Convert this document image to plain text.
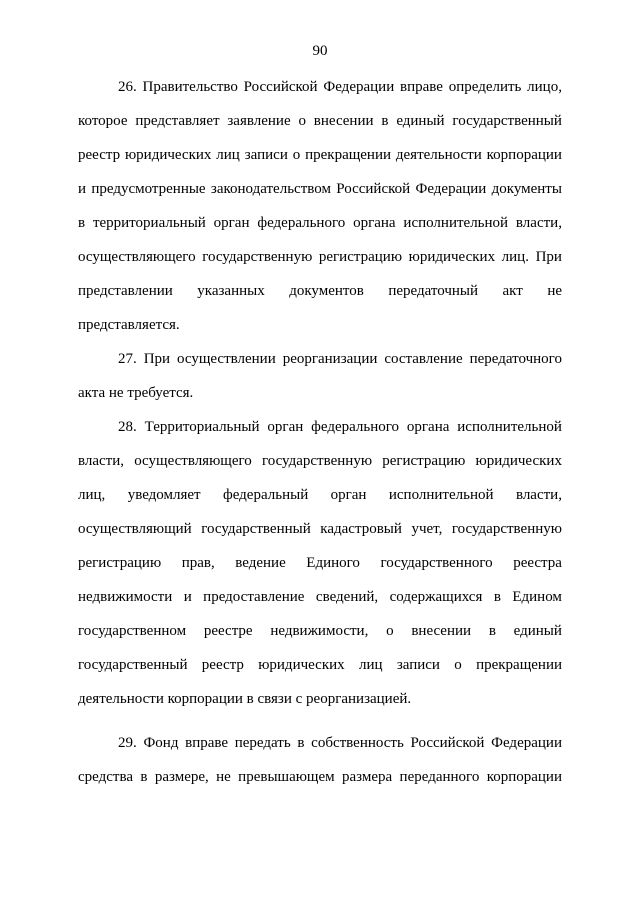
90
26. Правительство Российской Федерации вправе определить лицо,
которое представляет заявление о внесении в единый государственный
реестр юридических лиц записи о прекращении деятельности корпорации
и предусмотренные законодательством Российской Федерации документы
в территориальный орган федерального органа исполнительной власти,
осуществляющего государственную регистрацию юридических лиц. При
представлении указанных документов передаточный акт не
представляется.
27. При осуществлении реорганизации составление передаточного
акта не требуется.
28. Территориальный орган федерального органа исполнительной
власти, осуществляющего государственную регистрацию юридических
лиц, уведомляет федеральный орган исполнительной власти,
осуществляющий государственный кадастровый учет, государственную
регистрацию прав, ведение Единого государственного реестра
недвижимости и предоставление сведений, содержащихся в Едином
государственном реестре недвижимости, о внесении в единый
государственный реестр юридических лиц записи о прекращении
деятельности корпорации в связи с реорганизацией.
29. Фонд вправе передать в собственность Российской Федерации
средства в размере, не превышающем размера переданного корпорации
